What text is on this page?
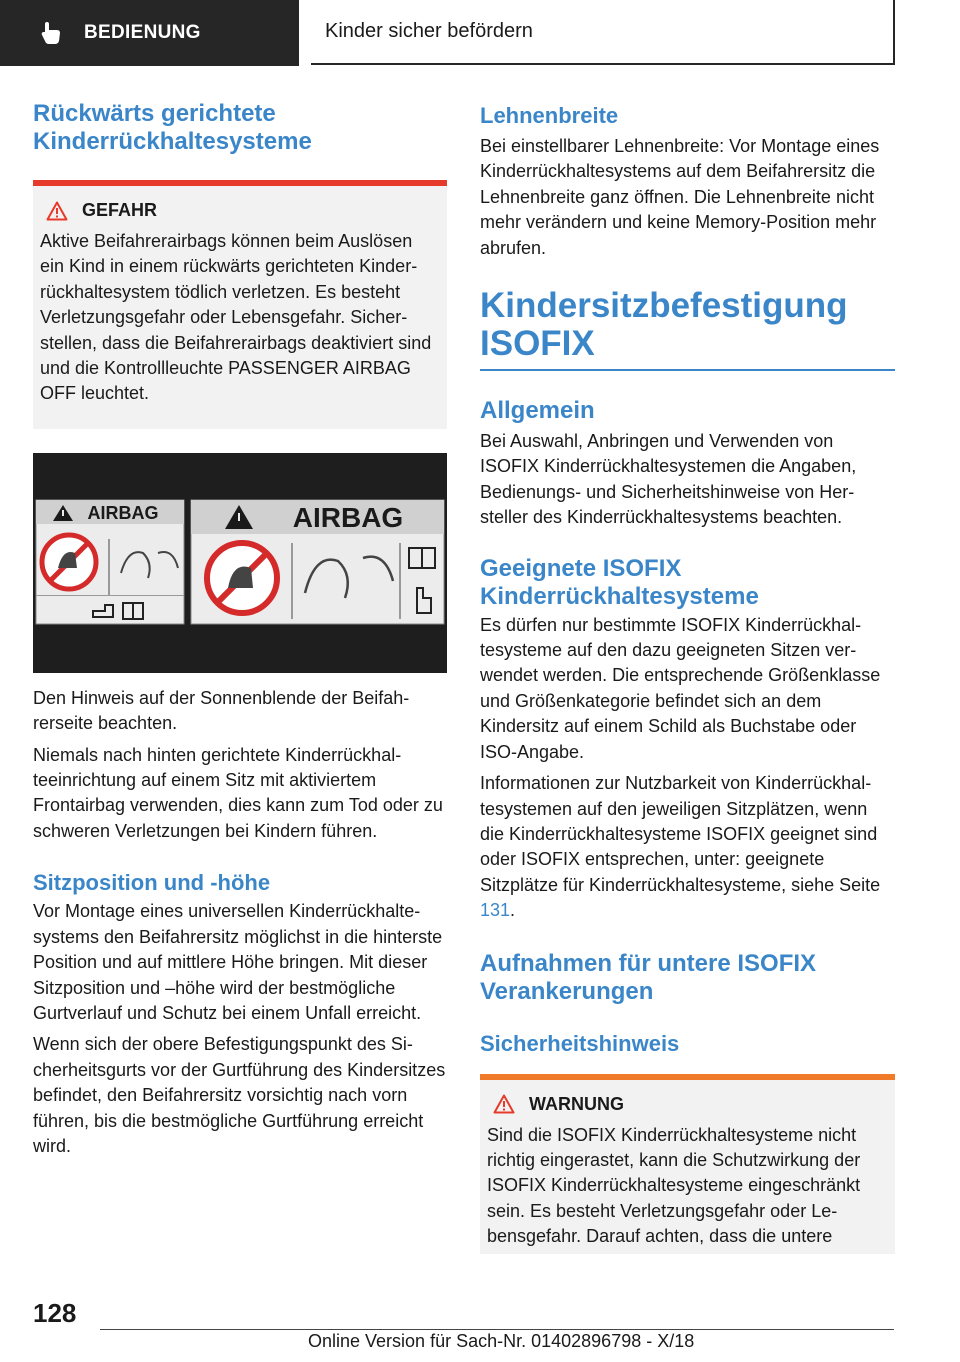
BEDIENUNG	Kinder sicher befördern
Rückwärts gerichtete Kinderrückhaltesysteme
GEFAHR

Aktive Beifahrerairbags können beim Auslösen ein Kind in einem rückwärts gerichteten Kinderrückhaltesystem tödlich verletzen. Es besteht Verletzungsgefahr oder Lebensgefahr. Sicherstellen, dass die Beifahrerairbags deaktiviert sind und die Kontrollleuchte PASSENGER AIRBAG OFF leuchtet.

AIRBAG	AIRBAG

Den Hinweis auf der Sonnenblende der Beifahrerseite beachten.

Niemals nach hinten gerichtete Kinderrückhalteeinrichtung auf einem Sitz mit aktiviertem Frontairbag verwenden, dies kann zum Tod oder zu schweren Verletzungen bei Kindern führen.

Sitzposition und -höhe

Vor Montage eines universellen Kinderrückhaltesystems den Beifahrersitz möglichst in die hinterste Position und auf mittlere Höhe bringen. Mit dieser Sitzposition und –höhe wird der bestmögliche Gurtverlauf und Schutz bei einem Unfall erreicht.

Wenn sich der obere Befestigungspunkt des Sicherheitsgurts vor der Gurtführung des Kindersitzes befindet, den Beifahrersitz vorsichtig nach vorn führen, bis die bestmögliche Gurtführung erreicht wird.

Lehnenbreite

Bei einstellbarer Lehnenbreite: Vor Montage eines Kinderrückhaltesystems auf dem Beifahrersitz die Lehnenbreite ganz öffnen. Die Lehnenbreite nicht mehr verändern und keine Memory-Position mehr abrufen.

Kindersitzbefestigung ISOFIX
Allgemein

Bei Auswahl, Anbringen und Verwenden von ISOFIX Kinderrückhaltesystemen die Angaben, Bedienungs- und Sicherheitshinweise von Hersteller des Kinderrückhaltesystems beachten.

Geeignete ISOFIX Kinderrückhaltesysteme

Es dürfen nur bestimmte ISOFIX Kinderrückhaltesysteme auf den dazu geeigneten Sitzen verwendet werden. Die entsprechende Größenklasse und Größenkategorie befindet sich an dem Kindersitz auf einem Schild als Buchstabe oder ISO-Angabe.

Informationen zur Nutzbarkeit von Kinderrückhaltesystemen auf den jeweiligen Sitzplätzen, wenn die Kinderrückhaltesysteme ISOFIX geeignet sind oder ISOFIX entsprechen, unter: geeignete Sitzplätze für Kinderrückhaltesysteme, siehe Seite 131.

Aufnahmen für untere ISOFIX Verankerungen
Sicherheitshinweis
WARNUNG

Sind die ISOFIX Kinderrückhaltesysteme nicht richtig eingerastet, kann die Schutzwirkung der ISOFIX Kinderrückhaltesysteme eingeschränkt sein. Es besteht Verletzungsgefahr oder Lebensgefahr. Darauf achten, dass die untere

128
Online Version für Sach-Nr. 01402896798 - X/18
